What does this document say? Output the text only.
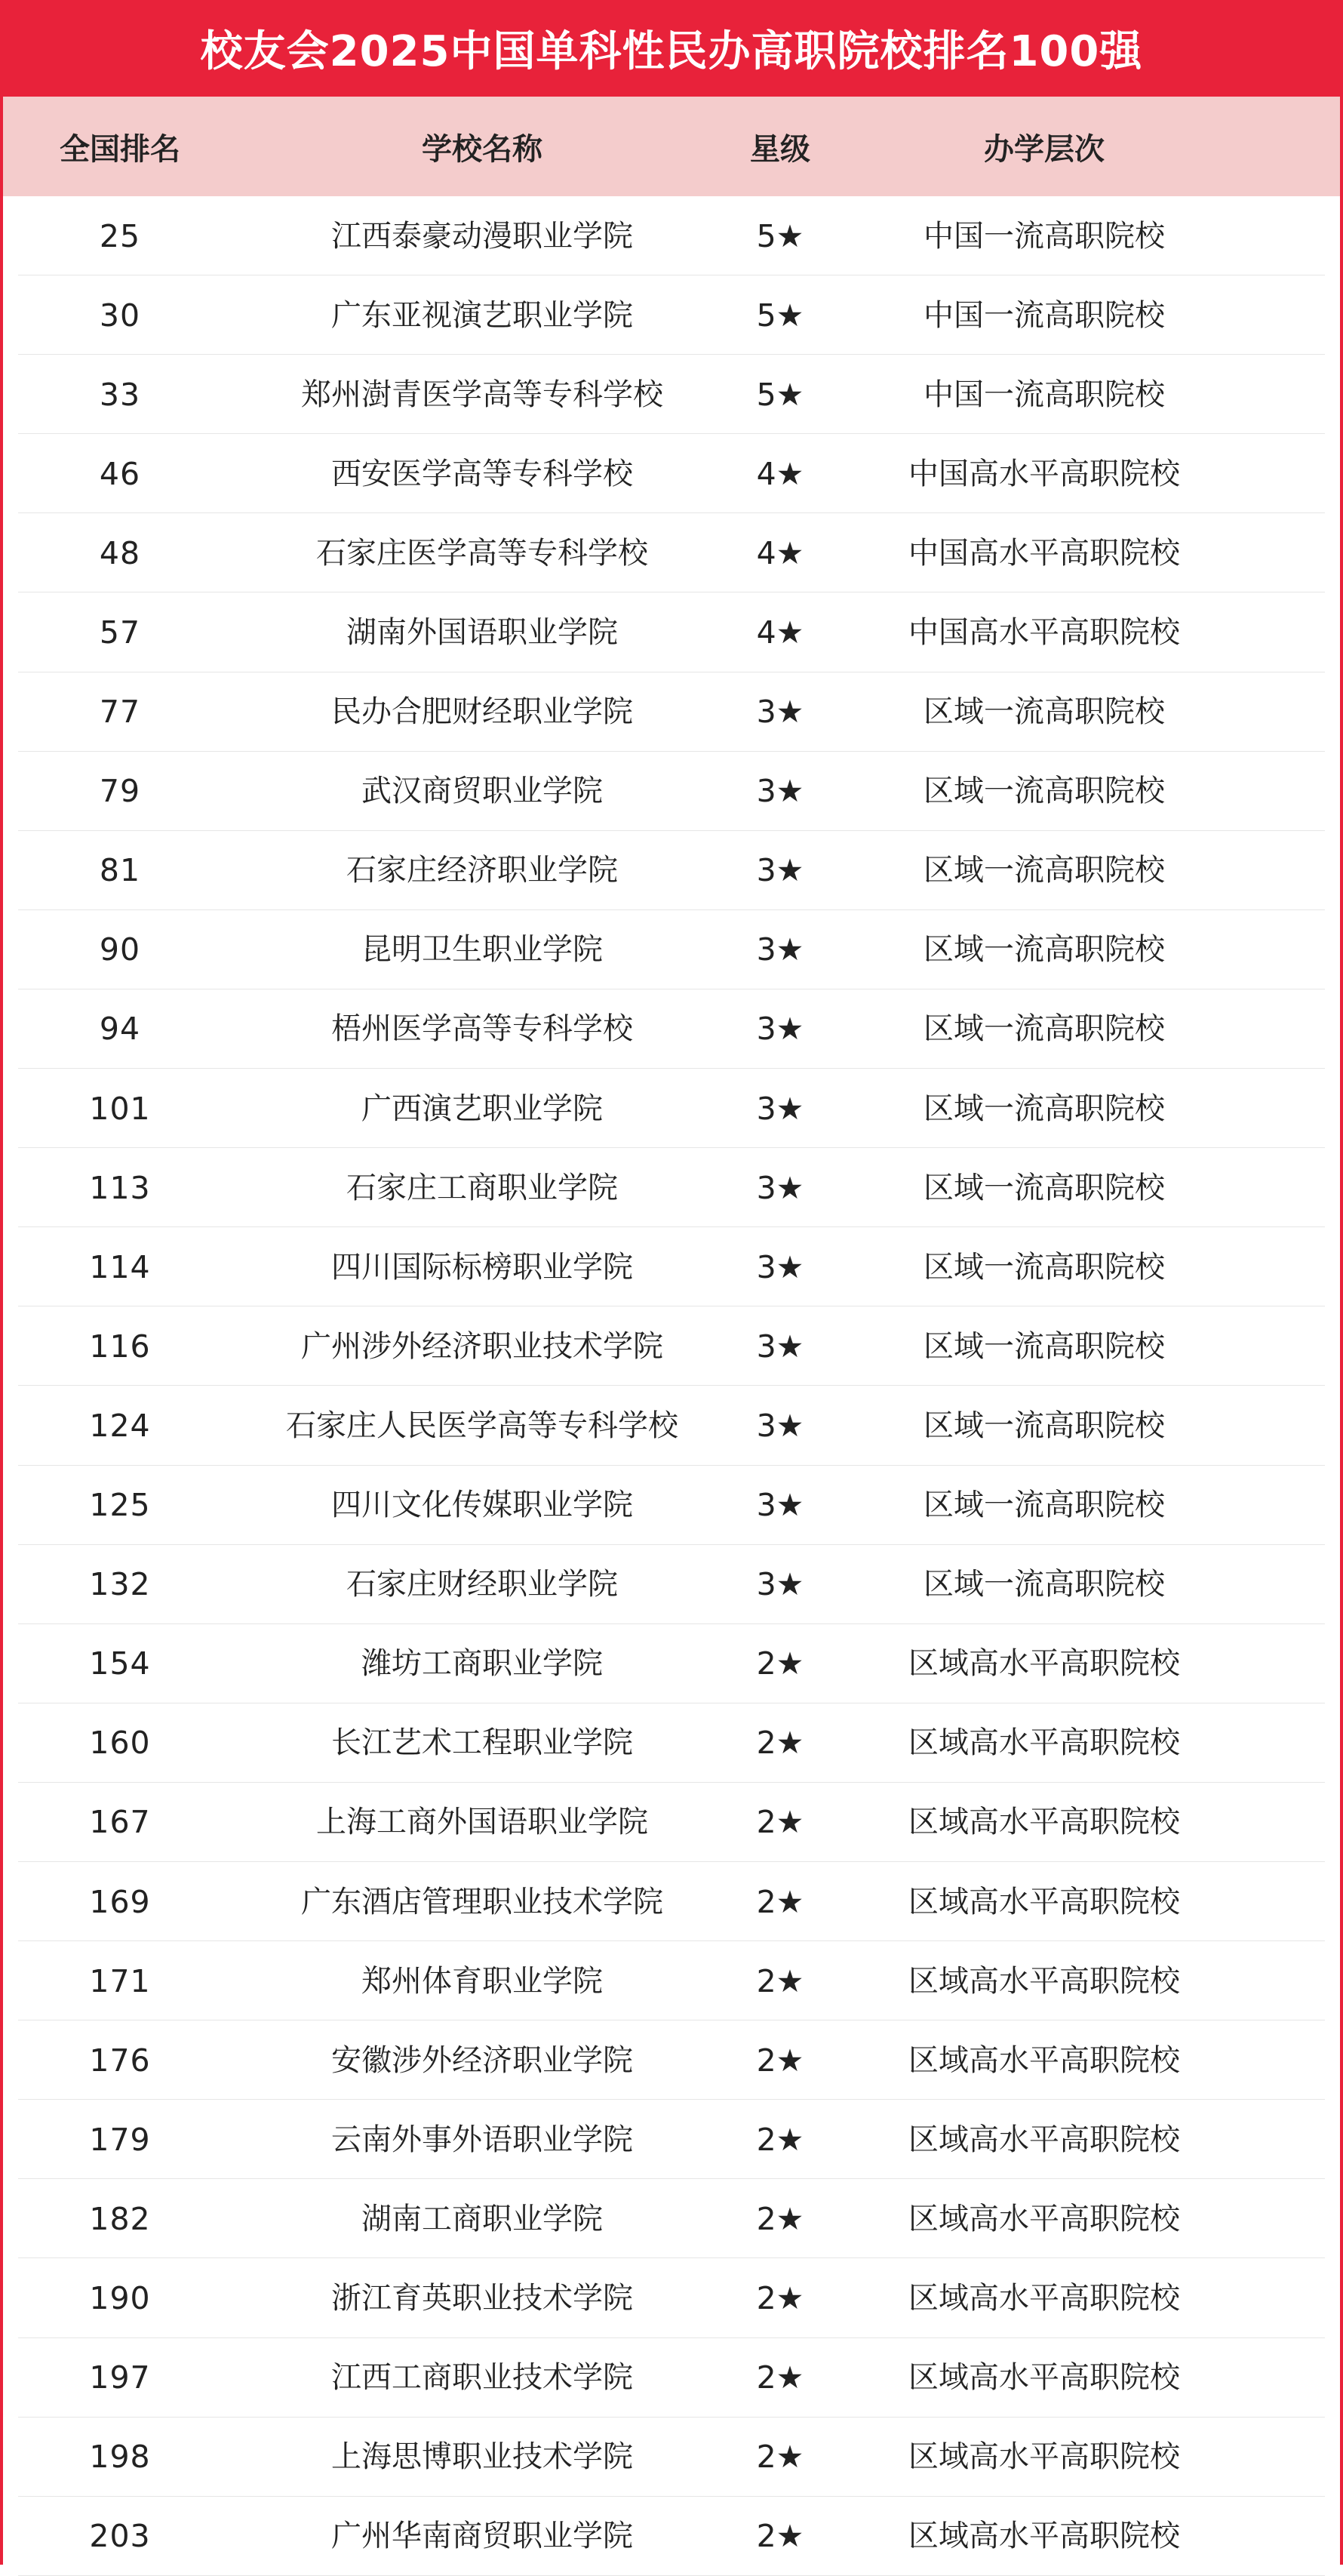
校友会2025中国单科性民办高职院校排名100强
全国排名	学校名称	星级	办学层次
25	江西泰豪动漫职业学院	5★	中国一流高职院校
30	广东亚视演艺职业学院	5★	中国一流高职院校
33	郑州澍青医学高等专科学校	5★	中国一流高职院校
46	西安医学高等专科学校	4★	中国高水平高职院校
48	石家庄医学高等专科学校	4★	中国高水平高职院校
57	湖南外国语职业学院	4★	中国高水平高职院校
77	民办合肥财经职业学院	3★	区域一流高职院校
79	武汉商贸职业学院	3★	区域一流高职院校
81	石家庄经济职业学院	3★	区域一流高职院校
90	昆明卫生职业学院	3★	区域一流高职院校
94	梧州医学高等专科学校	3★	区域一流高职院校
101	广西演艺职业学院	3★	区域一流高职院校
113	石家庄工商职业学院	3★	区域一流高职院校
114	四川国际标榜职业学院	3★	区域一流高职院校
116	广州涉外经济职业技术学院	3★	区域一流高职院校
124	石家庄人民医学高等专科学校	3★	区域一流高职院校
125	四川文化传媒职业学院	3★	区域一流高职院校
132	石家庄财经职业学院	3★	区域一流高职院校
154	潍坊工商职业学院	2★	区域高水平高职院校
160	长江艺术工程职业学院	2★	区域高水平高职院校
167	上海工商外国语职业学院	2★	区域高水平高职院校
169	广东酒店管理职业技术学院	2★	区域高水平高职院校
171	郑州体育职业学院	2★	区域高水平高职院校
176	安徽涉外经济职业学院	2★	区域高水平高职院校
179	云南外事外语职业学院	2★	区域高水平高职院校
182	湖南工商职业学院	2★	区域高水平高职院校
190	浙江育英职业技术学院	2★	区域高水平高职院校
197	江西工商职业技术学院	2★	区域高水平高职院校
198	上海思博职业技术学院	2★	区域高水平高职院校
203	广州华南商贸职业学院	2★	区域高水平高职院校
